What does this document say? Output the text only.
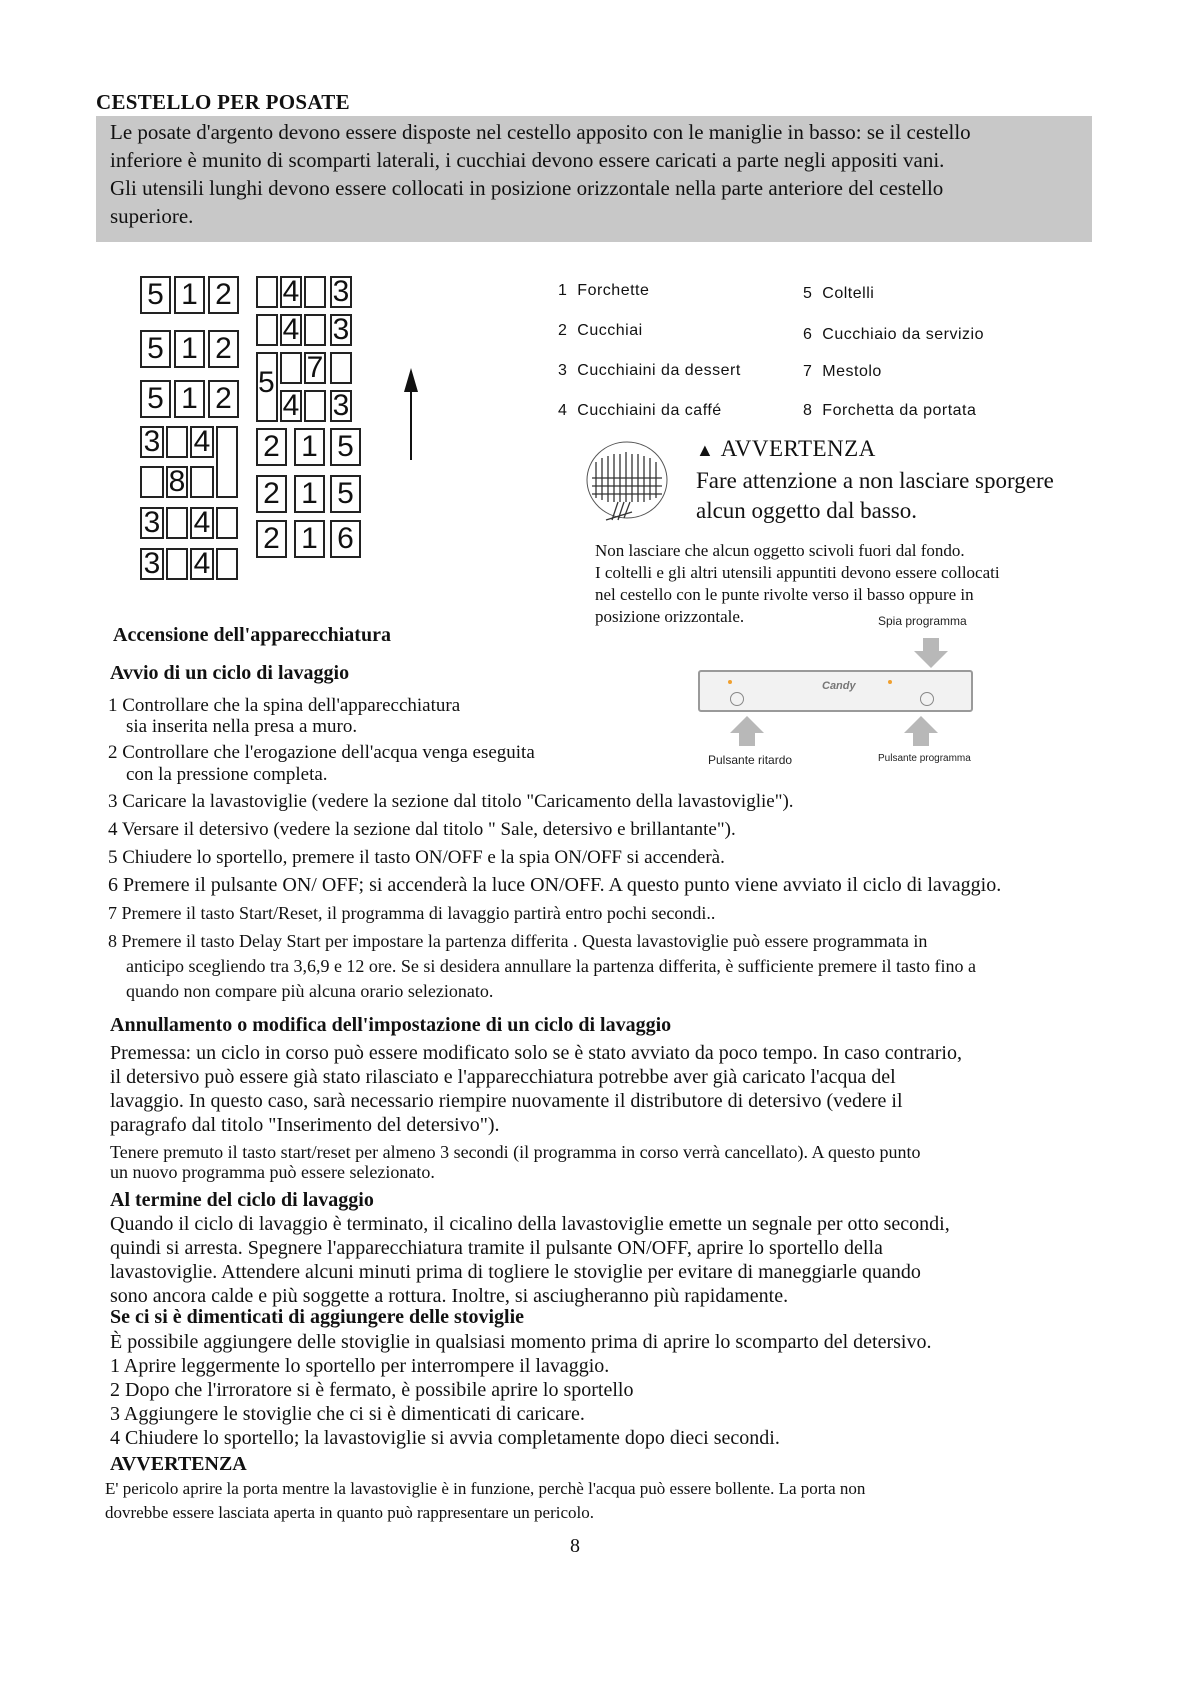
CESTELLO PER POSATE
Le posate d'argento devono essere disposte nel cestello apposito con le maniglie in basso: se il cestello
inferiore è munito di scomparti laterali, i cucchiai devono essere caricati a parte negli appositi vani.
Gli utensili lunghi devono essere collocati in posizione orizzontale nella parte anteriore del cestello
superiore.
5 1 2
5 1 2
5 1 2
3 4
8
3 4
3 4
4 3
4 3
5 7
4 3
2 1 5
2 1 5
2 1 6
1 Forchette
2 Cucchiai
3 Cucchiaini da dessert
4 Cucchiaini da caffé
5 Coltelli
6 Cucchiaio da servizio
7 Mestolo
8 Forchetta da portata
▲ AVVERTENZA
Fare attenzione a non lasciare sporgere
alcun oggetto dal basso.
Non lasciare che alcun oggetto scivoli fuori dal fondo.
I coltelli e gli altri utensili appuntiti devono essere collocati
nel cestello con le punte rivolte verso il basso oppure in
posizione orizzontale.	Spia programma
Candy
Pulsante ritardo	Pulsante programma
Accensione dell'apparecchiatura
Avvio di un ciclo di lavaggio
1 Controllare che la spina dell'apparecchiatura
sia inserita nella presa a muro.
2 Controllare che l'erogazione dell'acqua venga eseguita
con la pressione completa.
3 Caricare la lavastoviglie (vedere la sezione dal titolo "Caricamento della lavastoviglie").
4 Versare il detersivo (vedere la sezione dal titolo " Sale, detersivo e brillantante").
5 Chiudere lo sportello, premere il tasto ON/OFF e la spia ON/OFF si accenderà.
6 Premere il pulsante ON/ OFF; si accenderà la luce ON/OFF. A questo punto viene avviato il ciclo di lavaggio.
7 Premere il tasto Start/Reset, il programma di lavaggio partirà entro pochi secondi..
8 Premere il tasto Delay Start per impostare la partenza differita . Questa lavastoviglie può essere programmata in
anticipo scegliendo tra 3,6,9 e 12 ore. Se si desidera annullare la partenza differita, è sufficiente premere il tasto fino a
quando non compare più alcuna orario selezionato.
Annullamento o modifica dell'impostazione di un ciclo di lavaggio
Premessa: un ciclo in corso può essere modificato solo se è stato avviato da poco tempo. In caso contrario,
il detersivo può essere già stato rilasciato e l'apparecchiatura potrebbe aver già caricato l'acqua del
lavaggio. In questo caso, sarà necessario riempire nuovamente il distributore di detersivo (vedere il
paragrafo dal titolo "Inserimento del detersivo").
Tenere premuto il tasto start/reset per almeno 3 secondi (il programma in corso verrà cancellato). A questo punto
un nuovo programma può essere selezionato.
Al termine del ciclo di lavaggio
Quando il ciclo di lavaggio è terminato, il cicalino della lavastoviglie emette un segnale per otto secondi,
quindi si arresta. Spegnere l'apparecchiatura tramite il pulsante ON/OFF, aprire lo sportello della
lavastoviglie. Attendere alcuni minuti prima di togliere le stoviglie per evitare di maneggiarle quando
sono ancora calde e più soggette a rottura. Inoltre, si asciugheranno più rapidamente.
Se ci si è dimenticati di aggiungere delle stoviglie
È possibile aggiungere delle stoviglie in qualsiasi momento prima di aprire lo scomparto del detersivo.
1 Aprire leggermente lo sportello per interrompere il lavaggio.
2 Dopo che l'irroratore si è fermato, è possibile aprire lo sportello
3 Aggiungere le stoviglie che ci si è dimenticati di caricare.
4 Chiudere lo sportello; la lavastoviglie si avvia completamente dopo dieci secondi.
AVVERTENZA
E' pericolo aprire la porta mentre la lavastoviglie è in funzione, perchè l'acqua può essere bollente. La porta non
dovrebbe essere lasciata aperta in quanto può rappresentare un pericolo.
8
